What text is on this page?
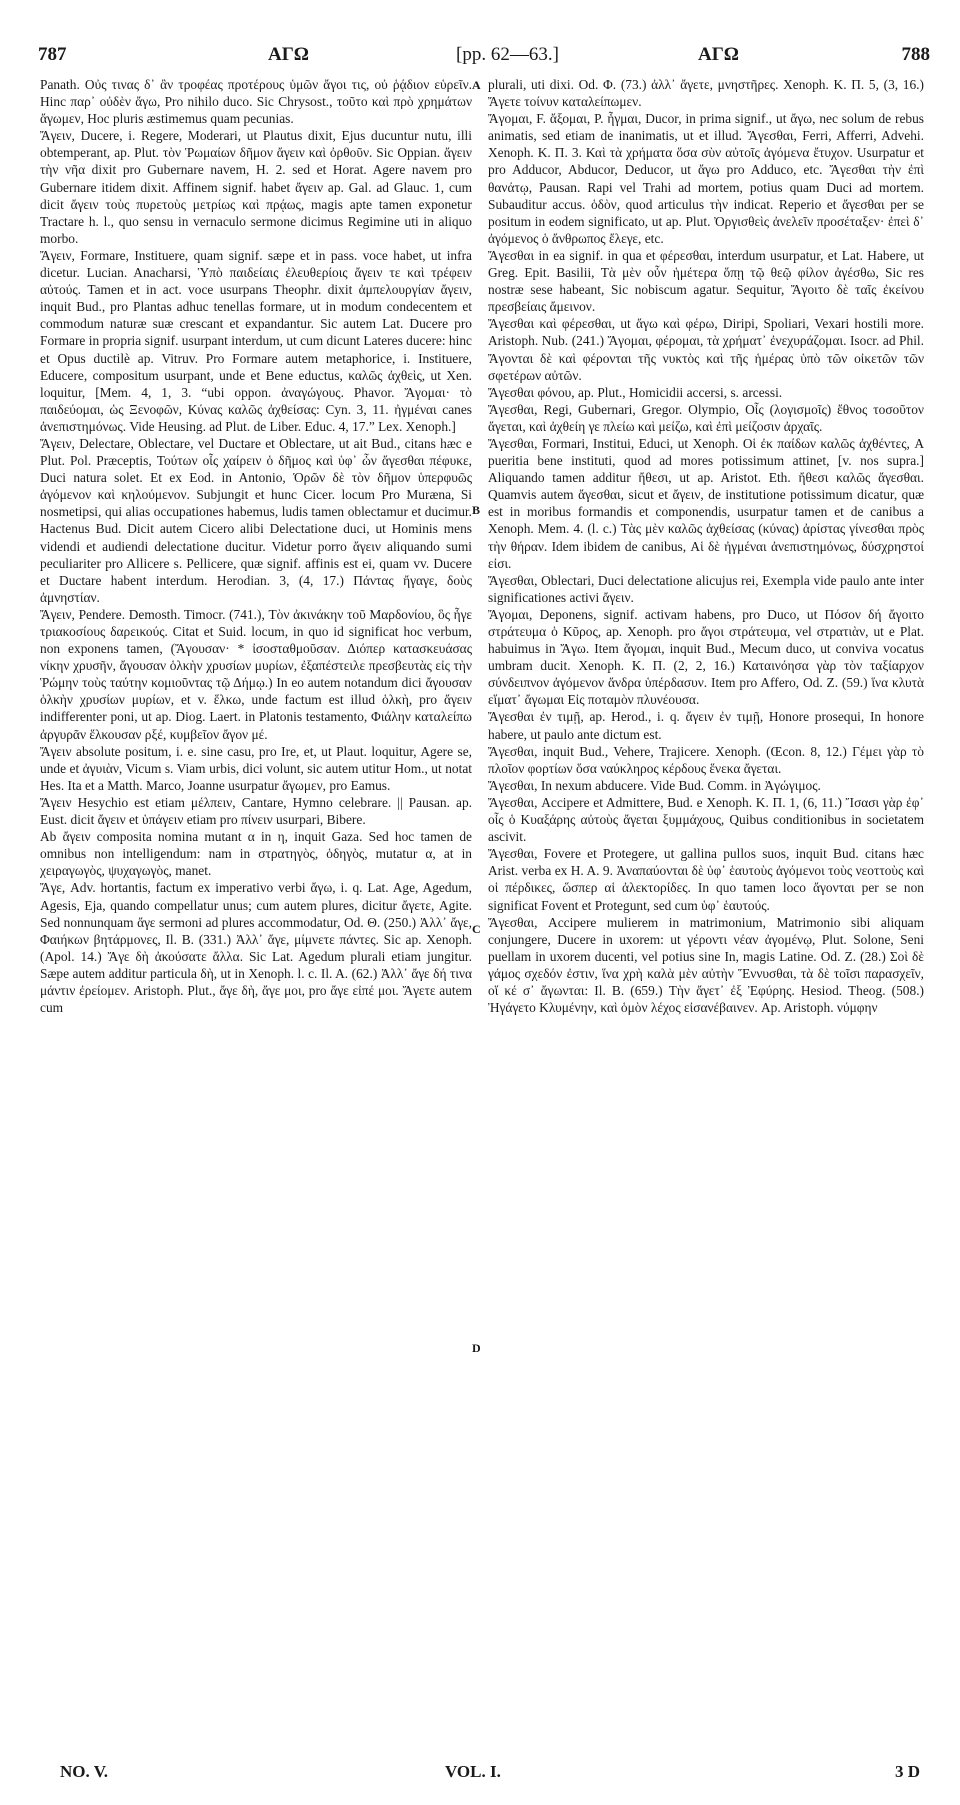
787	ΑΓΩ	[pp. 62—63.]	ΑΓΩ	788

Panath. Οὐς τινας δ᾽ ἂν τροφέας προτέρους ὑμῶν ἄγοι τις, οὐ ῥᾴδιον εὑρεῖν. Hinc παρ᾽ οὐδὲν ἄγω, Pro nihilo duco. Sic Chrysost., τοῦτο καὶ πρὸ χρημάτων ἄγωμεν, Hoc pluris æstimemus quam pecunias.

Ἄγειν, Ducere, i. Regere, Moderari, ut Plautus dixit, Ejus ducuntur nutu, illi obtemperant, ap. Plut. τὸν Ῥωμαίων δῆμον ἄγειν καὶ ὀρθοῦν. Sic Oppian. ἄγειν τὴν νῆα dixit pro Gubernare navem, H. 2. sed et Horat. Agere navem pro Gubernare itidem dixit. Affinem signif. habet ἄγειν ap. Gal. ad Glauc. 1, cum dicit ἄγειν τοὺς πυρετοὺς μετρίως καὶ πρᾴως, magis apte tamen exponetur Tractare h. l., quo sensu in vernaculo sermone dicimus Regimine uti in aliquo morbo.

Ἄγειν, Formare, Instituere, quam signif. sæpe et in pass. voce habet, ut infra dicetur. Lucian. Anacharsi, Ὑπὸ παιδείαις ἐλευθερίοις ἄγειν τε καὶ τρέφειν αὐτούς. Tamen et in act. voce usurpans Theophr. dixit ἀμπελουργίαν ἄγειν, inquit Bud., pro Plantas adhuc tenellas formare, ut in modum condecentem et commodum naturæ suæ crescant et expandantur. Sic autem Lat. Ducere pro Formare in propria signif. usurpant interdum, ut cum dicunt Lateres ducere: hinc et Opus ductilè ap. Vitruv. Pro Formare autem metaphorice, i. Instituere, Educere, compositum usurpant, unde et Bene eductus, καλῶς ἀχθεὶς, ut Xen. loquitur, [Mem. 4, 1, 3. “ubi oppon. ἀναγώγους. Phavor. Ἄγομαι· τὸ παιδεύομαι, ὡς Ξενοφῶν, Κύνας καλῶς ἀχθείσας: Cyn. 3, 11. ἠγμέναι canes ἀνεπιστημόνως. Vide Heusing. ad Plut. de Liber. Educ. 4, 17.” Lex. Xenoph.]

Ἄγειν, Delectare, Oblectare, vel Ductare et Oblectare, ut ait Bud., citans hæc e Plut. Pol. Præceptis, Τούτων οἷς χαίρειν ὁ δῆμος καὶ ὑφ᾽ ὧν ἄγεσθαι πέφυκε, Duci natura solet. Et ex Eod. in Antonio, Ὁρῶν δὲ τὸν δῆμον ὑπερφυῶς ἀγόμενον καὶ κηλούμενον. Subjungit et hunc Cicer. locum Pro Muræna, Si nosmetipsi, qui alias occupationes habemus, ludis tamen oblectamur et ducimur. Hactenus Bud. Dicit autem Cicero alibi Delectatione duci, ut Hominis mens videndi et audiendi delectatione ducitur. Videtur porro ἄγειν aliquando sumi peculiariter pro Allicere s. Pellicere, quæ signif. affinis est ei, quam vv. Ducere et Ductare habent interdum. Herodian. 3, (4, 17.) Πάντας ἤγαγε, δοὺς ἀμνηστίαν.

Ἄγειν, Pendere. Demosth. Timocr. (741.), Τὸν ἀκινάκην τοῦ Μαρδονίου, ὃς ἦγε τριακοσίους δαρεικούς. Citat et Suid. locum, in quo id significat hoc verbum, non exponens tamen, (Ἄγουσαν· * ἰσοσταθμοῦσαν. Διόπερ κατασκευάσας νίκην χρυσῆν, ἄγουσαν ὁλκὴν χρυσίων μυρίων, ἐξαπέστειλε πρεσβευτὰς εἰς τὴν Ῥώμην τοὺς ταύτην κομιοῦντας τῷ Δήμῳ.) In eo autem notandum dici ἄγουσαν ὁλκὴν χρυσίων μυρίων, et v. ἕλκω, unde factum est illud ὁλκὴ, pro ἄγειν indifferenter poni, ut ap. Diog. Laert. in Platonis testamento, Φιάλην καταλείπω ἀργυρᾶν ἕλκουσαν ρξέ, κυμβεῖον ἄγον μέ.

Ἄγειν absolute positum, i. e. sine casu, pro Ire, et, ut Plaut. loquitur, Agere se, unde et ἀγυιὰν, Vicum s. Viam urbis, dici volunt, sic autem utitur Hom., ut notat Hes. Ita et a Matth. Marco, Joanne usurpatur ἄγωμεν, pro Eamus.

Ἄγειν Hesychio est etiam μέλπειν, Cantare, Hymno celebrare. || Pausan. ap. Eust. dicit ἄγειν et ὑπάγειν etiam pro πίνειν usurpari, Bibere.

Ab ἄγειν composita nomina mutant α in η, inquit Gaza. Sed hoc tamen de omnibus non intelligendum: nam in στρατηγὸς, ὁδηγὸς, mutatur α, at in χειραγωγὸς, ψυχαγωγὸς, manet.

Ἄγε, Adv. hortantis, factum ex imperativo verbi ἄγω, i. q. Lat. Age, Agedum, Agesis, Eja, quando compellatur unus; cum autem plures, dicitur ἄγετε, Agite. Sed nonnunquam ἄγε sermoni ad plures accommodatur, Od. Θ. (250.) Ἀλλ᾽ ἄγε, Φαιήκων βητάρμονες, Il. B. (331.) Ἀλλ᾽ ἄγε, μίμνετε πάντες. Sic ap. Xenoph. (Apol. 14.) Ἄγε δὴ ἀκούσατε ἄλλα. Sic Lat. Agedum plurali etiam jungitur. Sæpe autem additur particula δὴ, ut in Xenoph. l. c. Il. A. (62.) Ἀλλ᾽ ἄγε δή τινα μάντιν ἐρείομεν. Aristoph. Plut., ἄγε δὴ, ἄγε μοι, pro ἄγε εἰπέ μοι. Ἄγετε autem cum

A
B
C
D

plurali, uti dixi. Od. Φ. (73.) ἀλλ᾽ ἄγετε, μνηστῆρες. Xenoph. K. Π. 5, (3, 16.) Ἄγετε τοίνυν καταλείπωμεν.

Ἄγομαι, F. ἄξομαι, P. ἦγμαι, Ducor, in prima signif., ut ἄγω, nec solum de rebus animatis, sed etiam de inanimatis, ut et illud. Ἄγεσθαι, Ferri, Afferri, Advehi. Xenoph. K. Π. 3. Καὶ τὰ χρήματα ὅσα σὺν αὐτοῖς ἀγόμενα ἔτυχον. Usurpatur et pro Adducor, Abducor, Deducor, ut ἄγω pro Adduco, etc. Ἄγεσθαι τὴν ἐπὶ θανάτῳ, Pausan. Rapi vel Trahi ad mortem, potius quam Duci ad mortem. Subauditur accus. ὁδὸν, quod articulus τὴν indicat. Reperio et ἄγεσθαι per se positum in eodem significato, ut ap. Plut. Ὀργισθεὶς ἀνελεῖν προσέταξεν· ἐπεὶ δ᾽ ἀγόμενος ὁ ἄνθρωπος ἔλεγε, etc.

Ἄγεσθαι in ea signif. in qua et φέρεσθαι, interdum usurpatur, et Lat. Habere, ut Greg. Epit. Basilii, Τὰ μὲν οὖν ἡμέτερα ὅπῃ τῷ θεῷ φίλον ἀγέσθω, Sic res nostræ sese habeant, Sic nobiscum agatur. Sequitur, Ἄγοιτο δὲ ταῖς ἐκείνου πρεσβείαις ἄμεινον.

Ἄγεσθαι καὶ φέρεσθαι, ut ἄγω καὶ φέρω, Diripi, Spoliari, Vexari hostili more. Aristoph. Nub. (241.) Ἄγομαι, φέρομαι, τὰ χρήματ᾽ ἐνεχυράζομαι. Isocr. ad Phil. Ἄγονται δὲ καὶ φέρονται τῆς νυκτὸς καὶ τῆς ἡμέρας ὑπὸ τῶν οἰκετῶν τῶν σφετέρων αὐτῶν.

Ἄγεσθαι φόνου, ap. Plut., Homicidii accersi, s. arcessi.

Ἄγεσθαι, Regi, Gubernari, Gregor. Olympio, Οἷς (λογισμοῖς) ἔθνος τοσοῦτον ἄγεται, καὶ ἀχθείη γε πλείω καὶ μείζω, καὶ ἐπὶ μείζοσιν ἀρχαῖς.

Ἄγεσθαι, Formari, Institui, Educi, ut Xenoph. Οἱ ἐκ παίδων καλῶς ἀχθέντες, A pueritia bene instituti, quod ad mores potissimum attinet, [v. nos supra.] Aliquando tamen additur ἤθεσι, ut ap. Aristot. Eth. ἤθεσι καλῶς ἄγεσθαι. Quamvis autem ἄγεσθαι, sicut et ἄγειν, de institutione potissimum dicatur, quæ est in moribus formandis et componendis, usurpatur tamen et de canibus a Xenoph. Mem. 4. (l. c.) Τὰς μὲν καλῶς ἀχθείσας (κύνας) ἀρίστας γίνεσθαι πρὸς τὴν θήραν. Idem ibidem de canibus, Αἱ δὲ ἠγμέναι ἀνεπιστημόνως, δύσχρηστοί εἰσι.

Ἄγεσθαι, Oblectari, Duci delectatione alicujus rei, Exempla vide paulo ante inter significationes activi ἄγειν.

Ἄγομαι, Deponens, signif. activam habens, pro Duco, ut Πόσον δή ἄγοιτο στράτευμα ὁ Κῦρος, ap. Xenoph. pro ἄγοι στράτευμα, vel στρατιὰν, ut e Plat. habuimus in Ἄγω. Item ἄγομαι, inquit Bud., Mecum duco, ut conviva vocatus umbram ducit. Xenoph. K. Π. (2, 2, 16.) Καταινόησα γὰρ τὸν ταξίαρχον σύνδειπνον ἀγόμενον ἄνδρα ὑπέρδασυν. Item pro Affero, Od. Z. (59.) ἵνα κλυτὰ εἵματ᾽ ἄγωμαι Εἰς ποταμὸν πλυνέουσα.

Ἄγεσθαι ἐν τιμῇ, ap. Herod., i. q. ἄγειν ἐν τιμῇ, Honore prosequi, In honore habere, ut paulo ante dictum est.

Ἄγεσθαι, inquit Bud., Vehere, Trajicere. Xenoph. (Œcon. 8, 12.) Γέμει γὰρ τὸ πλοῖον φορτίων ὅσα ναύκληρος κέρδους ἕνεκα ἄγεται.

Ἄγεσθαι, In nexum abducere. Vide Bud. Comm. in Ἀγώγιμος.

Ἄγεσθαι, Accipere et Admittere, Bud. e Xenoph. K. Π. 1, (6, 11.) Ἴσασι γὰρ ἐφ᾽ οἷς ὁ Κυαξάρης αὐτοὺς ἄγεται ξυμμάχους, Quibus conditionibus in societatem ascivit.

Ἄγεσθαι, Fovere et Protegere, ut gallina pullos suos, inquit Bud. citans hæc Arist. verba ex H. A. 9. Ἀναπαύονται δὲ ὑφ᾽ ἑαυτοὺς ἀγόμενοι τοὺς νεοττοὺς καὶ οἱ πέρδικες, ὥσπερ αἱ ἀλεκτορίδες. In quo tamen loco ἄγονται per se non significat Fovent et Protegunt, sed cum ὑφ᾽ ἑαυτούς.

Ἄγεσθαι, Accipere mulierem in matrimonium, Matrimonio sibi aliquam conjungere, Ducere in uxorem: ut γέροντι νέαν ἀγομένῳ, Plut. Solone, Seni puellam in uxorem ducenti, vel potius sine In, magis Latine. Od. Z. (28.) Σοὶ δὲ γάμος σχεδόν ἐστιν, ἵνα χρὴ καλὰ μὲν αὐτὴν Ἕννυσθαι, τὰ δὲ τοῖσι παρασχεῖν, οἵ κέ σ᾽ ἄγωνται: Il. B. (659.) Τὴν ἄγετ᾽ ἐξ Ἐφύρης. Hesiod. Theog. (508.) Ἠγάγετο Κλυμένην, καὶ ὁμὸν λέχος εἰσανέβαινεν. Ap. Aristoph. νύμφην

NO. V.	VOL. I.	3 D
